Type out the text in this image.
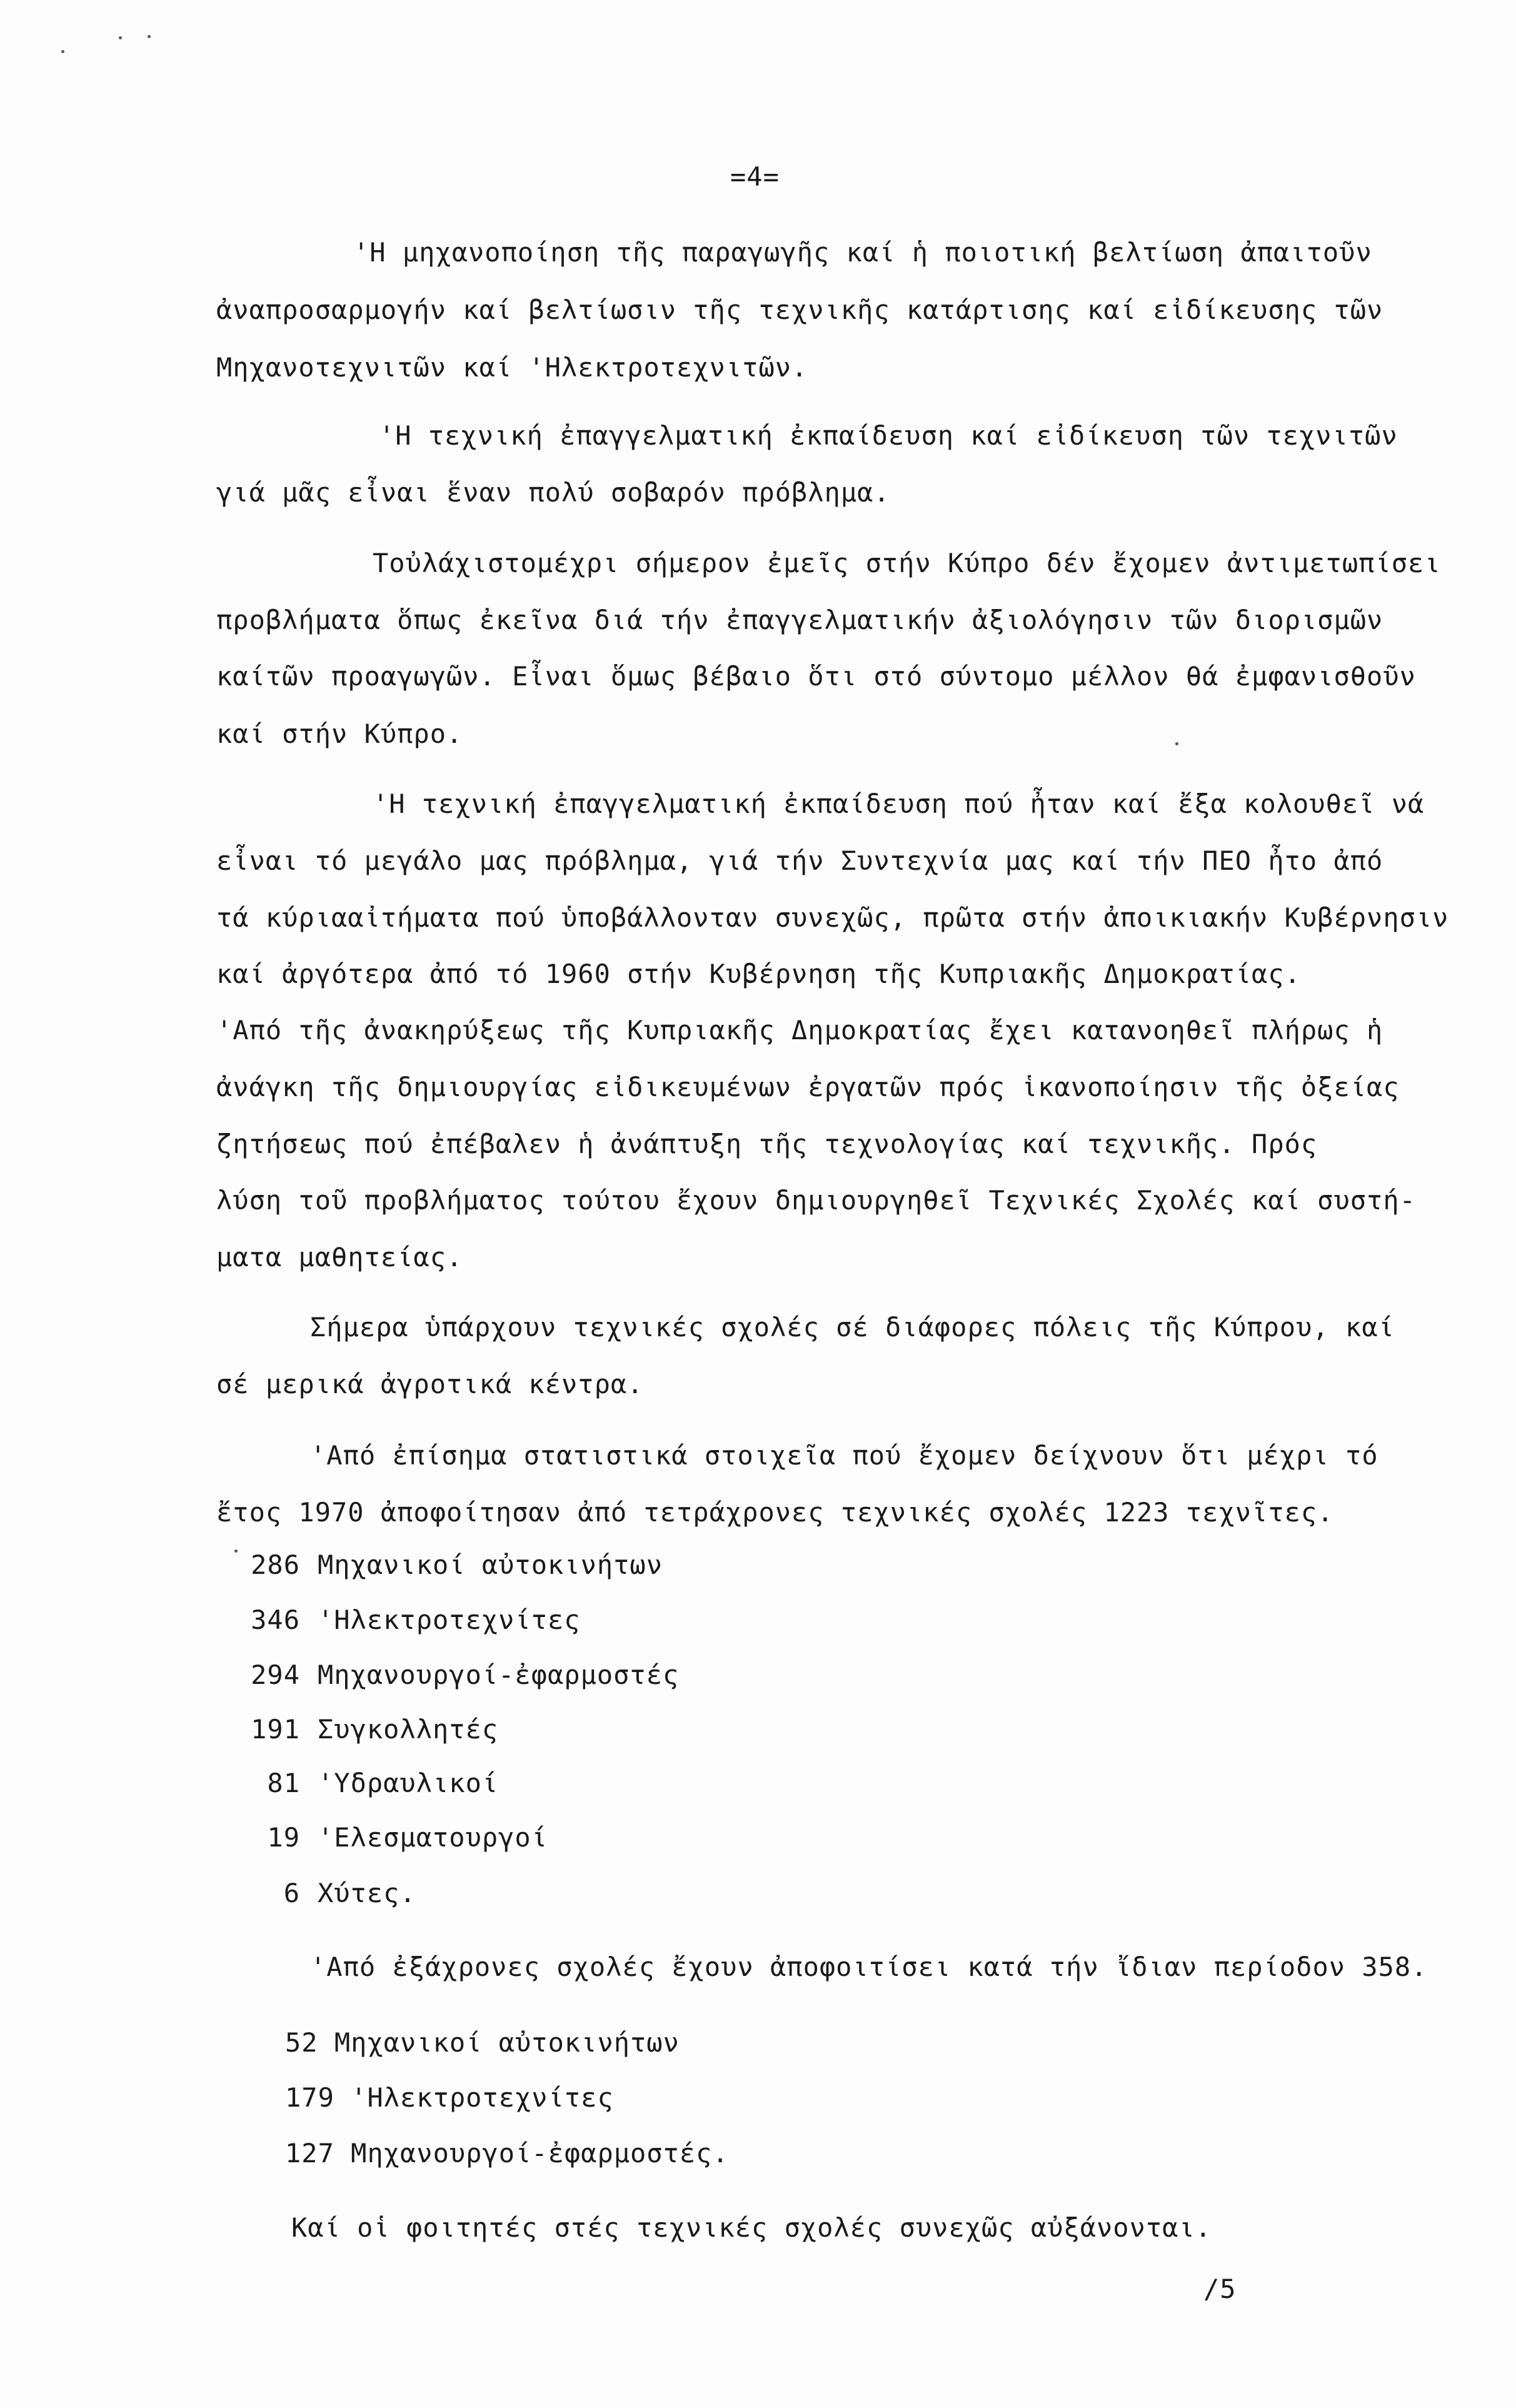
=4=
'Η μηχανοποίηση τῆς παραγωγῆς καί ἡ ποιοτική βελτίωση ἀπαιτοῦν
ἀναπροσαρμογήν καί βελτίωσιν τῆς τεχνικῆς κατάρτισης καί εἰδίκευσης τῶν
Μηχανοτεχνιτῶν καί 'Ηλεκτροτεχνιτῶν.
'Η τεχνική ἐπαγγελματική ἐκπαίδευση καί εἰδίκευση τῶν τεχνιτῶν
γιά μᾶς εἶναι ἕναν πολύ σοβαρόν πρόβλημα.
Τοὐλάχιστομέχρι σήμερον ἐμεῖς στήν Κύπρο δέν ἔχομεν ἀντιμετωπίσει
προβλήματα ὅπως ἐκεῖνα διά τήν ἐπαγγελματικήν ἀξιολόγησιν τῶν διορισμῶν
καίτῶν προαγωγῶν. Εἶναι ὅμως βέβαιο ὅτι στό σύντομο μέλλον θά ἐμφανισθοῦν
καί στήν Κύπρο.
'Η τεχνική ἐπαγγελματική ἐκπαίδευση πού ἦταν καί ἔξα κολουθεῖ νά
εἶναι τό μεγάλο μας πρόβλημα, γιά τήν Συντεχνία μας καί τήν ΠΕΟ ἦτο ἀπό
τά κύριααἰτήματα πού ὑποβάλλονταν συνεχῶς, πρῶτα στήν ἀποικιακήν Κυβέρνησιν
καί ἀργότερα ἀπό τό 1960 στήν Κυβέρνηση τῆς Κυπριακῆς Δημοκρατίας.
'Από τῆς ἀνακηρύξεως τῆς Κυπριακῆς Δημοκρατίας ἔχει κατανοηθεῖ πλήρως ἡ
ἀνάγκη τῆς δημιουργίας εἰδικευμένων ἐργατῶν πρός ἱκανοποίησιν τῆς ὀξείας
ζητήσεως πού ἐπέβαλεν ἡ ἀνάπτυξη τῆς τεχνολογίας καί τεχνικῆς. Πρός
λύση τοῦ προβλήματος τούτου ἔχουν δημιουργηθεῖ Τεχνικές Σχολές καί συστή-
ματα μαθητείας.
Σήμερα ὑπάρχουν τεχνικές σχολές σέ διάφορες πόλεις τῆς Κύπρου, καί
σέ μερικά ἀγροτικά κέντρα.
'Από ἐπίσημα στατιστικά στοιχεῖα πού ἔχομεν δείχνουν ὅτι μέχρι τό
ἔτος 1970 ἀποφοίτησαν ἀπό τετράχρονες τεχνικές σχολές 1223 τεχνῖτες.
286 Μηχανικοί αὐτοκινήτων
346 'Ηλεκτροτεχνίτες
294 Μηχανουργοί-ἐφαρμοστές
191 Συγκολλητές
81 'Υδραυλικοί
19 'Ελεσματουργοί
6 Χύτες.
'Από ἐξάχρονες σχολές ἔχουν ἀποφοιτίσει κατά τήν ἴδιαν περίοδον 358.
52 Μηχανικοί αὐτοκινήτων
179 'Ηλεκτροτεχνίτες
127 Μηχανουργοί-ἐφαρμοστές.
Καί οἱ φοιτητές στές τεχνικές σχολές συνεχῶς αὐξάνονται.
/5
